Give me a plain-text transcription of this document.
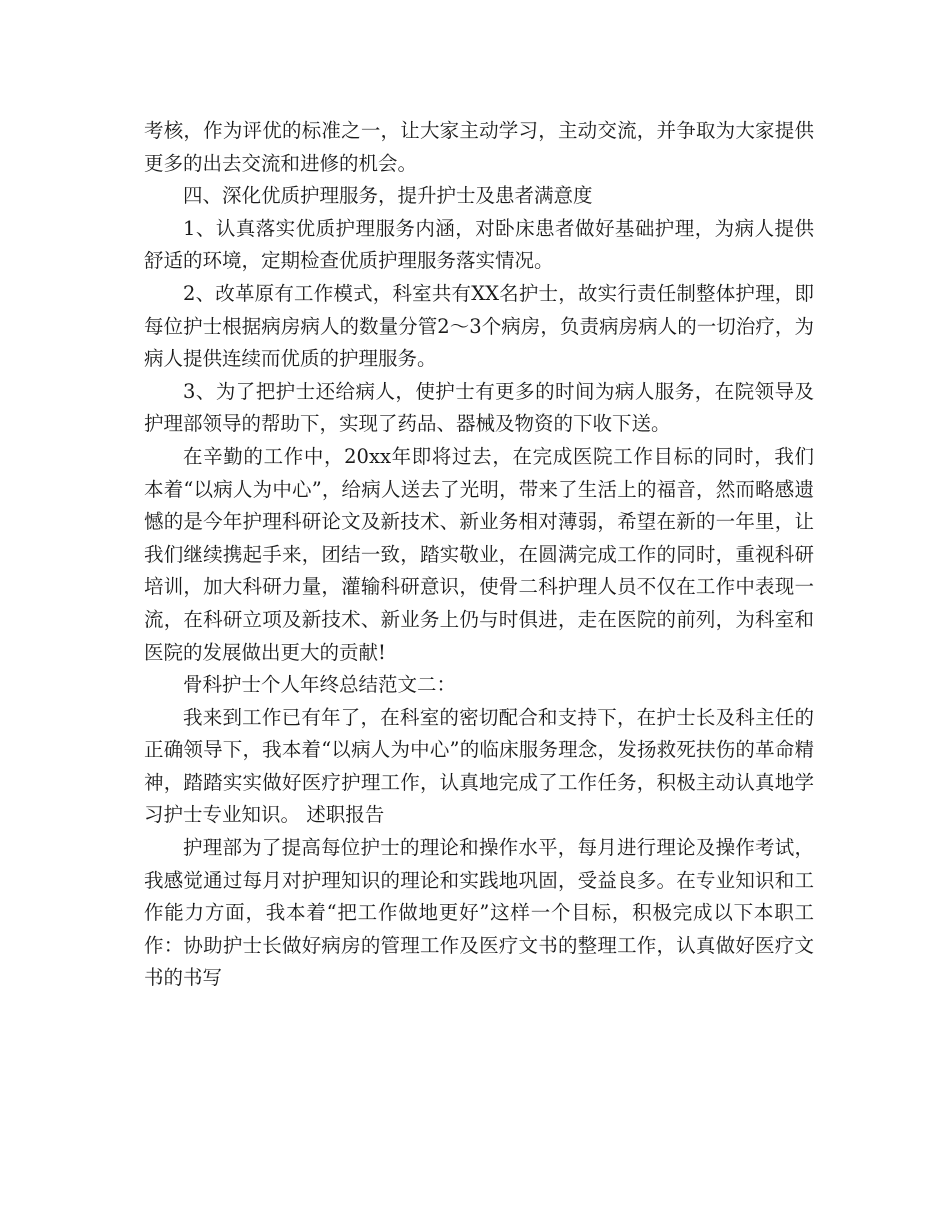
考核，作为评优的标准之一，让大家主动学习，主动交流，并争取为大家提供更多的出去交流和进修的机会。

四、深化优质护理服务，提升护士及患者满意度

1、认真落实优质护理服务内涵，对卧床患者做好基础护理，为病人提供舒适的环境，定期检查优质护理服务落实情况。

2、改革原有工作模式，科室共有XX名护士，故实行责任制整体护理，即每位护士根据病房病人的数量分管2～3个病房，负责病房病人的一切治疗，为病人提供连续而优质的护理服务。

3、为了把护士还给病人，使护士有更多的时间为病人服务，在院领导及护理部领导的帮助下，实现了药品、器械及物资的下收下送。

在辛勤的工作中，20xx年即将过去，在完成医院工作目标的同时，我们本着“以病人为中心”，给病人送去了光明，带来了生活上的福音，然而略感遗憾的是今年护理科研论文及新技术、新业务相对薄弱，希望在新的一年里，让我们继续携起手来，团结一致，踏实敬业，在圆满完成工作的同时，重视科研培训，加大科研力量，灌输科研意识，使骨二科护理人员不仅在工作中表现一流，在科研立项及新技术、新业务上仍与时俱进，走在医院的前列，为科室和医院的发展做出更大的贡献!

骨科护士个人年终总结范文二：

我来到工作已有年了，在科室的密切配合和支持下，在护士长及科主任的正确领导下，我本着“以病人为中心”的临床服务理念，发扬救死扶伤的革命精神，踏踏实实做好医疗护理工作，认真地完成了工作任务，积极主动认真地学习护士专业知识。 述职报告

护理部为了提高每位护士的理论和操作水平，每月进行理论及操作考试，我感觉通过每月对护理知识的理论和实践地巩固，受益良多。在专业知识和工作能力方面，我本着“把工作做地更好”这样一个目标，积极完成以下本职工作：协助护士长做好病房的管理工作及医疗文书的整理工作，认真做好医疗文书的书写
